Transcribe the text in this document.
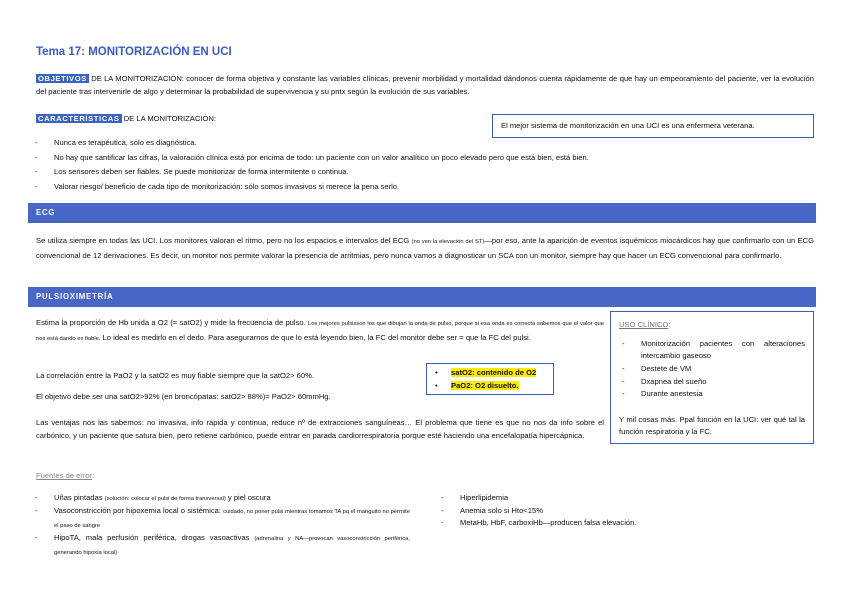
Tema 17: MONITORIZACIÓN EN UCI
OBJETIVOS DE LA MONITORIZACIÓN: conocer de forma objetiva y constante las variables clínicas, prevenir morbilidad y mortalidad dándonos cuenta rápidamente de que hay un empeoramiento del paciente, ver la evolución del paciente tras intervenirle de algo y determinar la probabilidad de supervivencia y su pntx según la evolución de sus variables.
CARACTERÍSTICAS DE LA MONITORIZACIÓN:
El mejor sistema de monitorización en una UCI es una enfermera veterana.
- Nunca es terapéutica, solo es diagnóstica.
- No hay que santificar las cifras, la valoración clínica está por encima de todo: un paciente con un valor analítico un poco elevado pero que está bien, está bien.
- Los sensores deben ser fiables. Se puede monitorizar de forma intermitente o continua.
- Valorar riesgo/ beneficio de cada tipo de monitorización: sólo somos invasivos si merece la pena serlo.
ECG
Se utiliza siempre en todas las UCI. Los monitores valoran el ritmo, pero no los espacios e intervalos del ECG (no ven la elevación del ST)—por eso, ante la aparición de eventos isquémicos miocárdicos hay que confirmarlo con un ECG convencional de 12 derivaciones. Es decir, un monitor nos permite valorar la presencia de arritmias, pero nunca vamos a diagnosticar un SCA con un monitor, siempre hay que hacer un ECG convencional para confirmarlo.
PULSIOXIMETRÍA
Estima la proporción de Hb unida a O2 (= satO2) y mide la frecuencia de pulso. Los mejores pulsisson los que dibujan la onda de pulso, porque si esa onda es correcta sabemos que el valor que nos está dando es fiable. Lo ideal es medirlo en el dedo. Para asegurarnos de que lo está leyendo bien, la FC del monitor debe ser = que la FC del pulsi.
La correlación entre la PaO2 y la satO2 es muy fiable siempre que la satO2> 60%.
El objetivo debe ser una satO2>92% (en broncópatas: satO2> 88%)= PaO2> 60mmHg.
• satO2: contenido de O2
• PaO2: O2 disuelto.
Las ventajas nos las sabemos: no invasiva, info rápida y continua, reduce nº de extracciones sanguíneas… El problema que tiene es que no nos da info sobre el carbónico, y un paciente que satura bien, pero retiene carbónico, puede entrar en parada cardiorrespiratoria porque esté haciendo una encefalopatía hipercápnica.
USO CLÍNICO:
- Monitorización pacientes con alteraciones intercambio gaseoso
- Destete de VM
- Dxapnea del sueño
- Durante anestesia
Y mil cosas más. Ppal función en la UCI: ver qué tal la función respiratoria y la FC.
Fuentes de error:
- Uñas pintadas (solución: colocar el pulsi de forma transversal) y piel oscura
- Vasoconstricción por hipoxemia local o sistémica: cuidado, no poner pulsi mientras tomamos TA pq el manguito no permite el paso de sangre
- HipoTA, mala perfusión periférica, drogas vasoactivas (adrenalina y NA—provocan vasoconstricción periférica, generando hipoxia local)
- Hiperlipidemia
- Anemia solo si Hto<15%
- MetaHb, HbF, carboxiHb—producen falsa elevación.
